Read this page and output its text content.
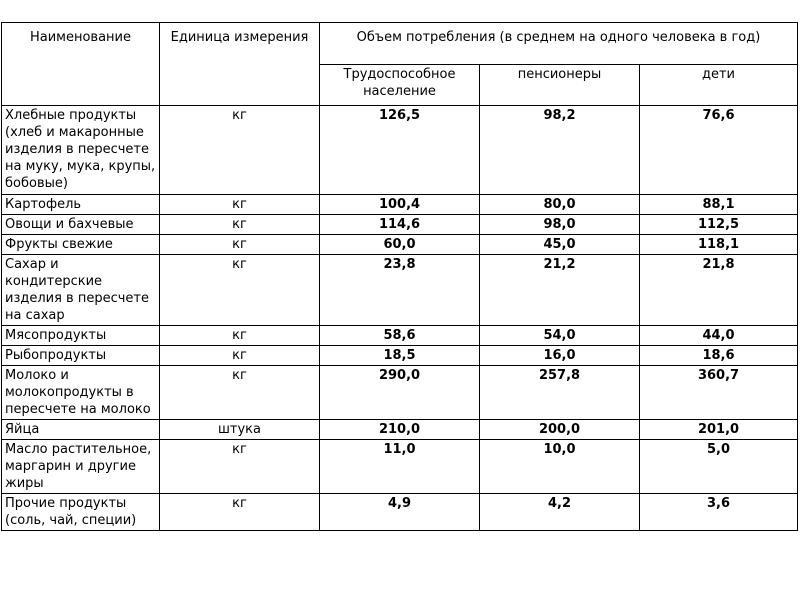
Наименование	Единица измерения	Объем потребления (в среднем на одного человека в год)		
		Трудоспособное население	пенсионеры	дети
Хлебные продукты (хлеб и макаронные изделия в пересчете на муку, мука, крупы, бобовые)	кг	126,5	98,2	76,6
Картофель	кг	100,4	80,0	88,1
Овощи и бахчевые	кг	114,6	98,0	112,5
Фрукты свежие	кг	60,0	45,0	118,1
Сахар и кондитерские изделия в пересчете на сахар	кг	23,8	21,2	21,8
Мясопродукты	кг	58,6	54,0	44,0
Рыбопродукты	кг	18,5	16,0	18,6
Молоко и молокопродукты в пересчете на молоко	кг	290,0	257,8	360,7
Яйца	штука	210,0	200,0	201,0
Масло растительное, маргарин и другие жиры	кг	11,0	10,0	5,0
Прочие продукты (соль, чай, специи)	кг	4,9	4,2	3,6
